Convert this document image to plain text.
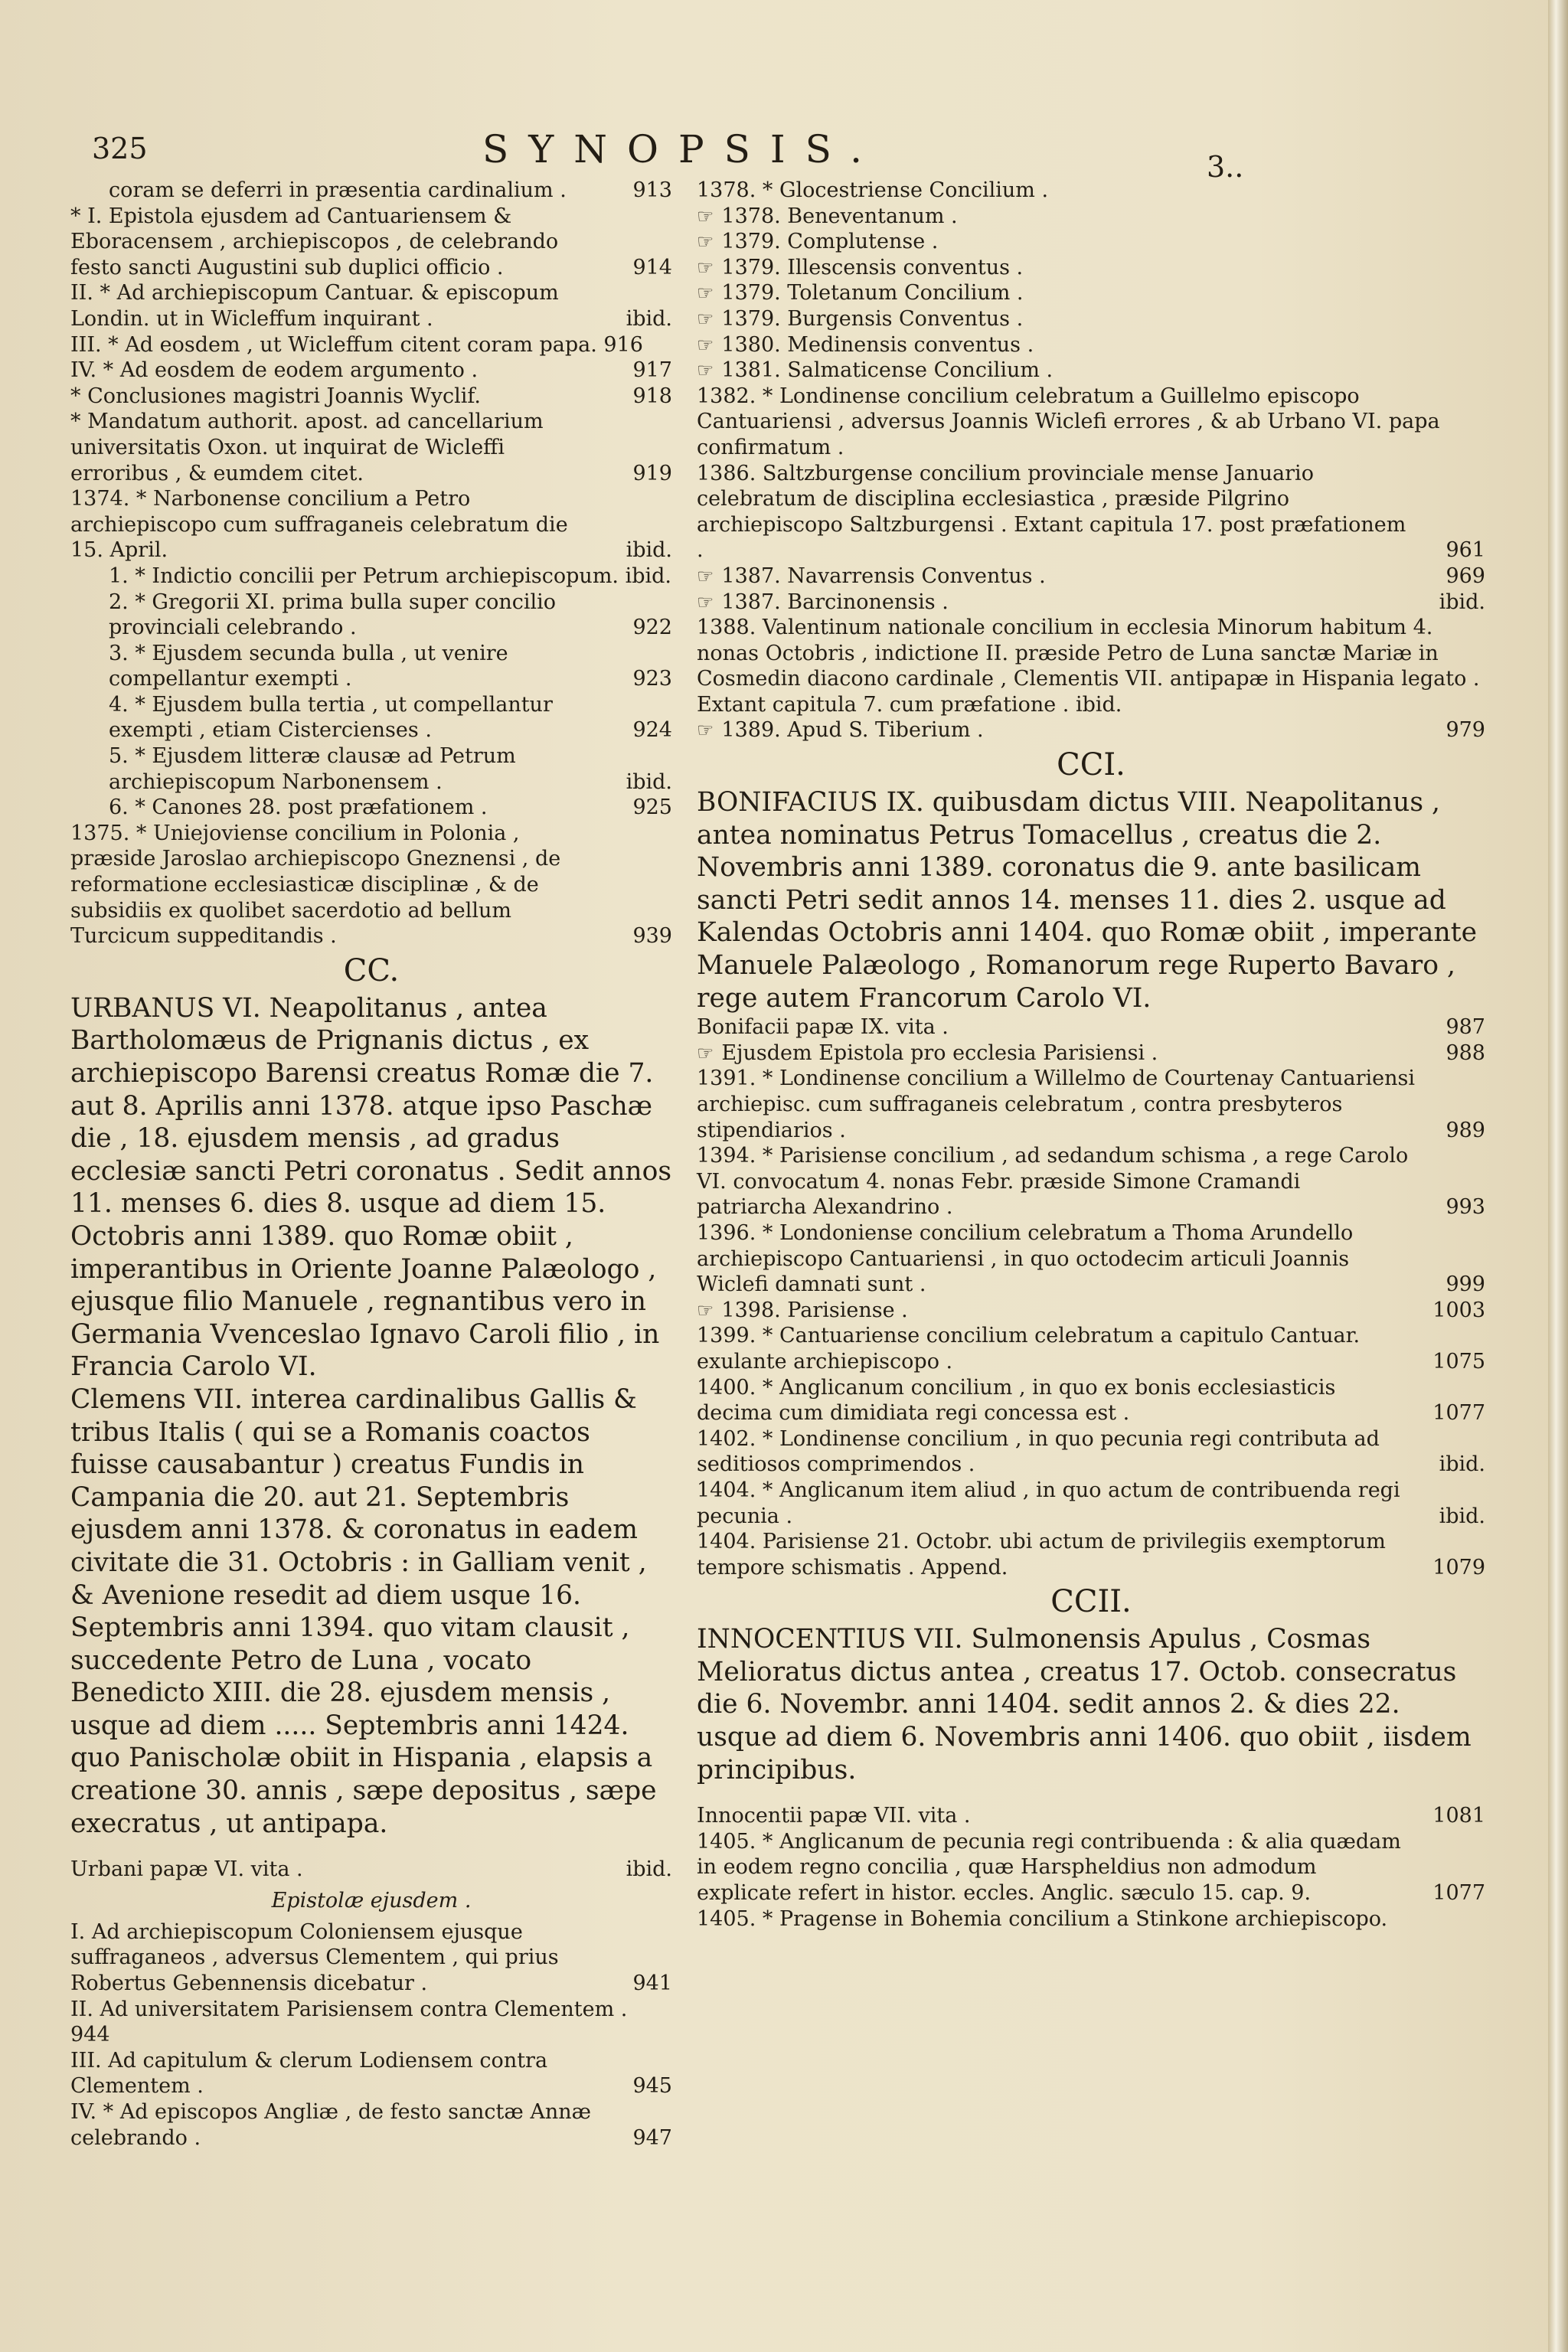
325	SYNOPSIS.	3..
coram se deferri in præsentia cardinalium .	913
* I. Epistola ejusdem ad Cantuariensem & Eboracensem , archiepiscopos , de celebrando festo sancti Augustini sub duplici officio .	914
II. * Ad archiepiscopum Cantuar. & episcopum Londin. ut in Wicleffum inquirant .	ibid.
III. * Ad eosdem , ut Wicleffum citent coram papa. 916
IV. * Ad eosdem de eodem argumento .	917
* Conclusiones magistri Joannis Wyclif.	918
* Mandatum authorit. apost. ad cancellarium universitatis Oxon. ut inquirat de Wicleffi erroribus , & eumdem citet.	919
1374. * Narbonense concilium a Petro archiepiscopo cum suffraganeis celebratum die 15. April.	ibid.
1. * Indictio concilii per Petrum archiepiscopum. ibid.
2. * Gregorii XI. prima bulla super concilio provinciali celebrando .	922
3. * Ejusdem secunda bulla , ut venire compellantur exempti .	923
4. * Ejusdem bulla tertia , ut compellantur exempti , etiam Cistercienses .	924
5. * Ejusdem litteræ clausæ ad Petrum archiepiscopum Narbonensem .	ibid.
6. * Canones 28. post præfationem .	925
1375. * Uniejoviense concilium in Polonia , præside Jaroslao archiepiscopo Gneznensi , de reformatione ecclesiasticæ disciplinæ , & de subsidiis ex quolibet sacerdotio ad bellum Turcicum suppeditandis .	939
CC.
URBANUS VI. Neapolitanus , antea Bartholomæus de Prignanis dictus , ex archiepiscopo Barensi creatus Romæ die 7. aut 8. Aprilis anni 1378. atque ipso Paschæ die , 18. ejusdem mensis , ad gradus ecclesiæ sancti Petri coronatus . Sedit annos 11. menses 6. dies 8. usque ad diem 15. Octobris anni 1389. quo Romæ obiit , imperantibus in Oriente Joanne Palæologo , ejusque filio Manuele , regnantibus vero in Germania Vvenceslao Ignavo Caroli filio , in Francia Carolo VI.
Clemens VII. interea cardinalibus Gallis & tribus Italis ( qui se a Romanis coactos fuisse causabantur ) creatus Fundis in Campania die 20. aut 21. Septembris ejusdem anni 1378. & coronatus in eadem civitate die 31. Octobris : in Galliam venit , & Avenione resedit ad diem usque 16. Septembris anni 1394. quo vitam clausit , succedente Petro de Luna , vocato Benedicto XIII. die 28. ejusdem mensis , usque ad diem ..... Septembris anni 1424. quo Panischolæ obiit in Hispania , elapsis a creatione 30. annis , sæpe depositus , sæpe execratus , ut antipapa.
Urbani papæ VI. vita .	ibid.
Epistolæ ejusdem .
I. Ad archiepiscopum Coloniensem ejusque suffraganeos , adversus Clementem , qui prius Robertus Gebennensis dicebatur .	941
II. Ad universitatem Parisiensem contra Clementem . 944
III. Ad capitulum & clerum Lodiensem contra Clementem .	945
IV. * Ad episcopos Angliæ , de festo sanctæ Annæ celebrando .	947
1378. * Glocestriense Concilium .
☞ 1378. Beneventanum .
☞ 1379. Complutense .
☞ 1379. Illescensis conventus .
☞ 1379. Toletanum Concilium .
☞ 1379. Burgensis Conventus .
☞ 1380. Medinensis conventus .
☞ 1381. Salmaticense Concilium .
1382. * Londinense concilium celebratum a Guillelmo episcopo Cantuariensi , adversus Joannis Wiclefi errores , & ab Urbano VI. papa confirmatum .
1386. Saltzburgense concilium provinciale mense Januario celebratum de disciplina ecclesiastica , præside Pilgrino archiepiscopo Saltzburgensi . Extant capitula 17. post præfationem .	961
☞ 1387. Navarrensis Conventus .	969
☞ 1387. Barcinonensis .	ibid.
1388. Valentinum nationale concilium in ecclesia Minorum habitum 4. nonas Octobris , indictione II. præside Petro de Luna sanctæ Mariæ in Cosmedin diacono cardinale , Clementis VII. antipapæ in Hispania legato . Extant capitula 7. cum præfatione . ibid.
☞ 1389. Apud S. Tiberium .	979
CCI.
BONIFACIUS IX. quibusdam dictus VIII. Neapolitanus , antea nominatus Petrus Tomacellus , creatus die 2. Novembris anni 1389. coronatus die 9. ante basilicam sancti Petri sedit annos 14. menses 11. dies 2. usque ad Kalendas Octobris anni 1404. quo Romæ obiit , imperante Manuele Palæologo , Romanorum rege Ruperto Bavaro , rege autem Francorum Carolo VI.
Bonifacii papæ IX. vita .	987
☞ Ejusdem Epistola pro ecclesia Parisiensi .	988
1391. * Londinense concilium a Willelmo de Courtenay Cantuariensi archiepisc. cum suffraganeis celebratum , contra presbyteros stipendiarios .	989
1394. * Parisiense concilium , ad sedandum schisma , a rege Carolo VI. convocatum 4. nonas Febr. præside Simone Cramandi patriarcha Alexandrino .	993
1396. * Londoniense concilium celebratum a Thoma Arundello archiepiscopo Cantuariensi , in quo octodecim articuli Joannis Wiclefi damnati sunt .	999
☞ 1398. Parisiense .	1003
1399. * Cantuariense concilium celebratum a capitulo Cantuar. exulante archiepiscopo .	1075
1400. * Anglicanum concilium , in quo ex bonis ecclesiasticis decima cum dimidiata regi concessa est .	1077
1402. * Londinense concilium , in quo pecunia regi contributa ad seditiosos comprimendos .	ibid.
1404. * Anglicanum item aliud , in quo actum de contribuenda regi pecunia .	ibid.
1404. Parisiense 21. Octobr. ubi actum de privilegiis exemptorum tempore schismatis . Append.	1079
CCII.
INNOCENTIUS VII. Sulmonensis Apulus , Cosmas Melioratus dictus antea , creatus 17. Octob. consecratus die 6. Novembr. anni 1404. sedit annos 2. & dies 22. usque ad diem 6. Novembris anni 1406. quo obiit , iisdem principibus.
Innocentii papæ VII. vita .	1081
1405. * Anglicanum de pecunia regi contribuenda : & alia quædam in eodem regno concilia , quæ Harspheldius non admodum explicate refert in histor. eccles. Anglic. sæculo 15. cap. 9.	1077
1405. * Pragense in Bohemia concilium a Stinkone archiepiscopo.
